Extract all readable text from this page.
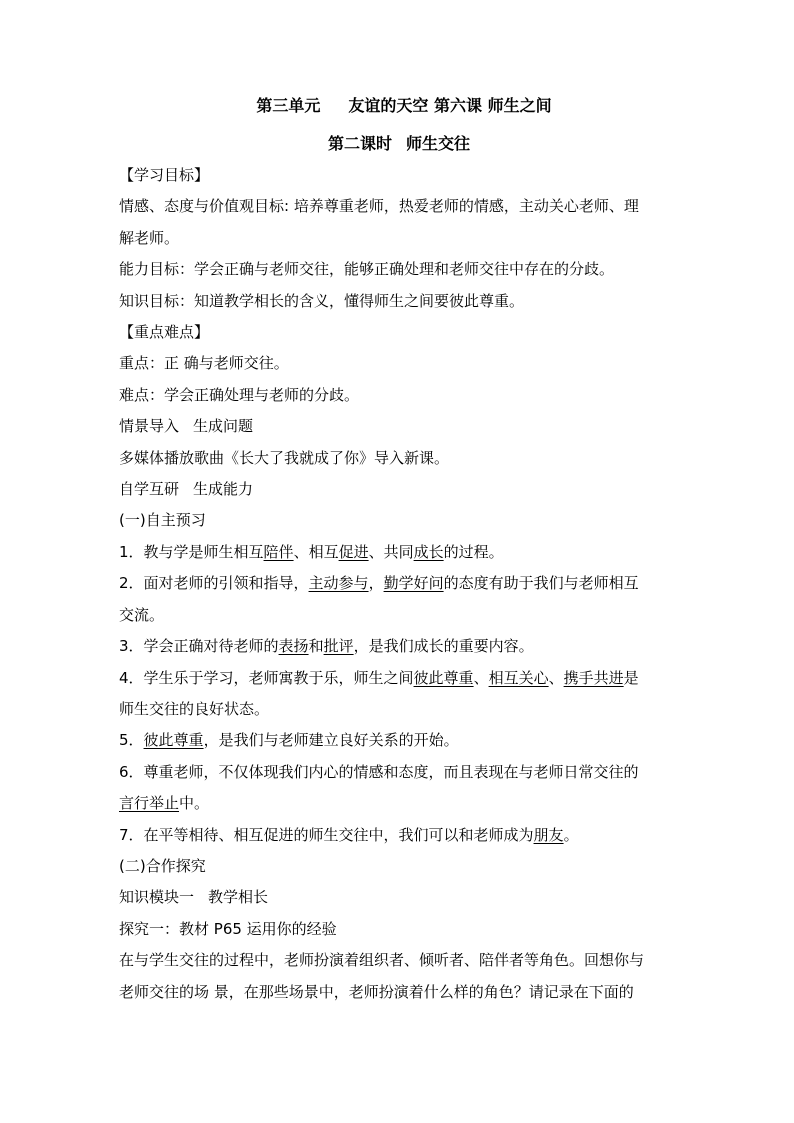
第三单元 友谊的天空 第六课 师生之间
第二课时 师生交往
【学习目标】
情感、态度与价值观目标: 培养尊重老师，热爱老师的情感，主动关心老师、理
解老师。
能力目标：学会正确与老师交往，能够正确处理和老师交往中存在的分歧。
知识目标：知道教学相长的含义，懂得师生之间要彼此尊重。
【重点难点】
重点：正 确与老师交往。
难点：学会正确处理与老师的分歧。
情景导入 生成问题
多媒体播放歌曲《长大了我就成了你》导入新课。
自学互研 生成能力
(一)自主预习
1．教与学是师生相互陪伴、相互促进、共同成长的过程。
2．面对老师的引领和指导，主动参与，勤学好问的态度有助于我们与老师相互
交流。
3．学会正确对待老师的表扬和批评，是我们成长的重要内容。
4．学生乐于学习，老师寓教于乐，师生之间彼此尊重、相互关心、携手共进是
师生交往的良好状态。
5．彼此尊重，是我们与老师建立良好关系的开始。
6．尊重老师，不仅体现我们内心的情感和态度，而且表现在与老师日常交往的
言行举止中。
7．在平等相待、相互促进的师生交往中，我们可以和老师成为朋友。
(二)合作探究
知识模块一 教学相长
探究一：教材 P65 运用你的经验
在与学生交往的过程中，老师扮演着组织者、倾听者、陪伴者等角色。回想你与
老师交往的场 景，在那些场景中，老师扮演着什么样的角色？请记录在下面的
